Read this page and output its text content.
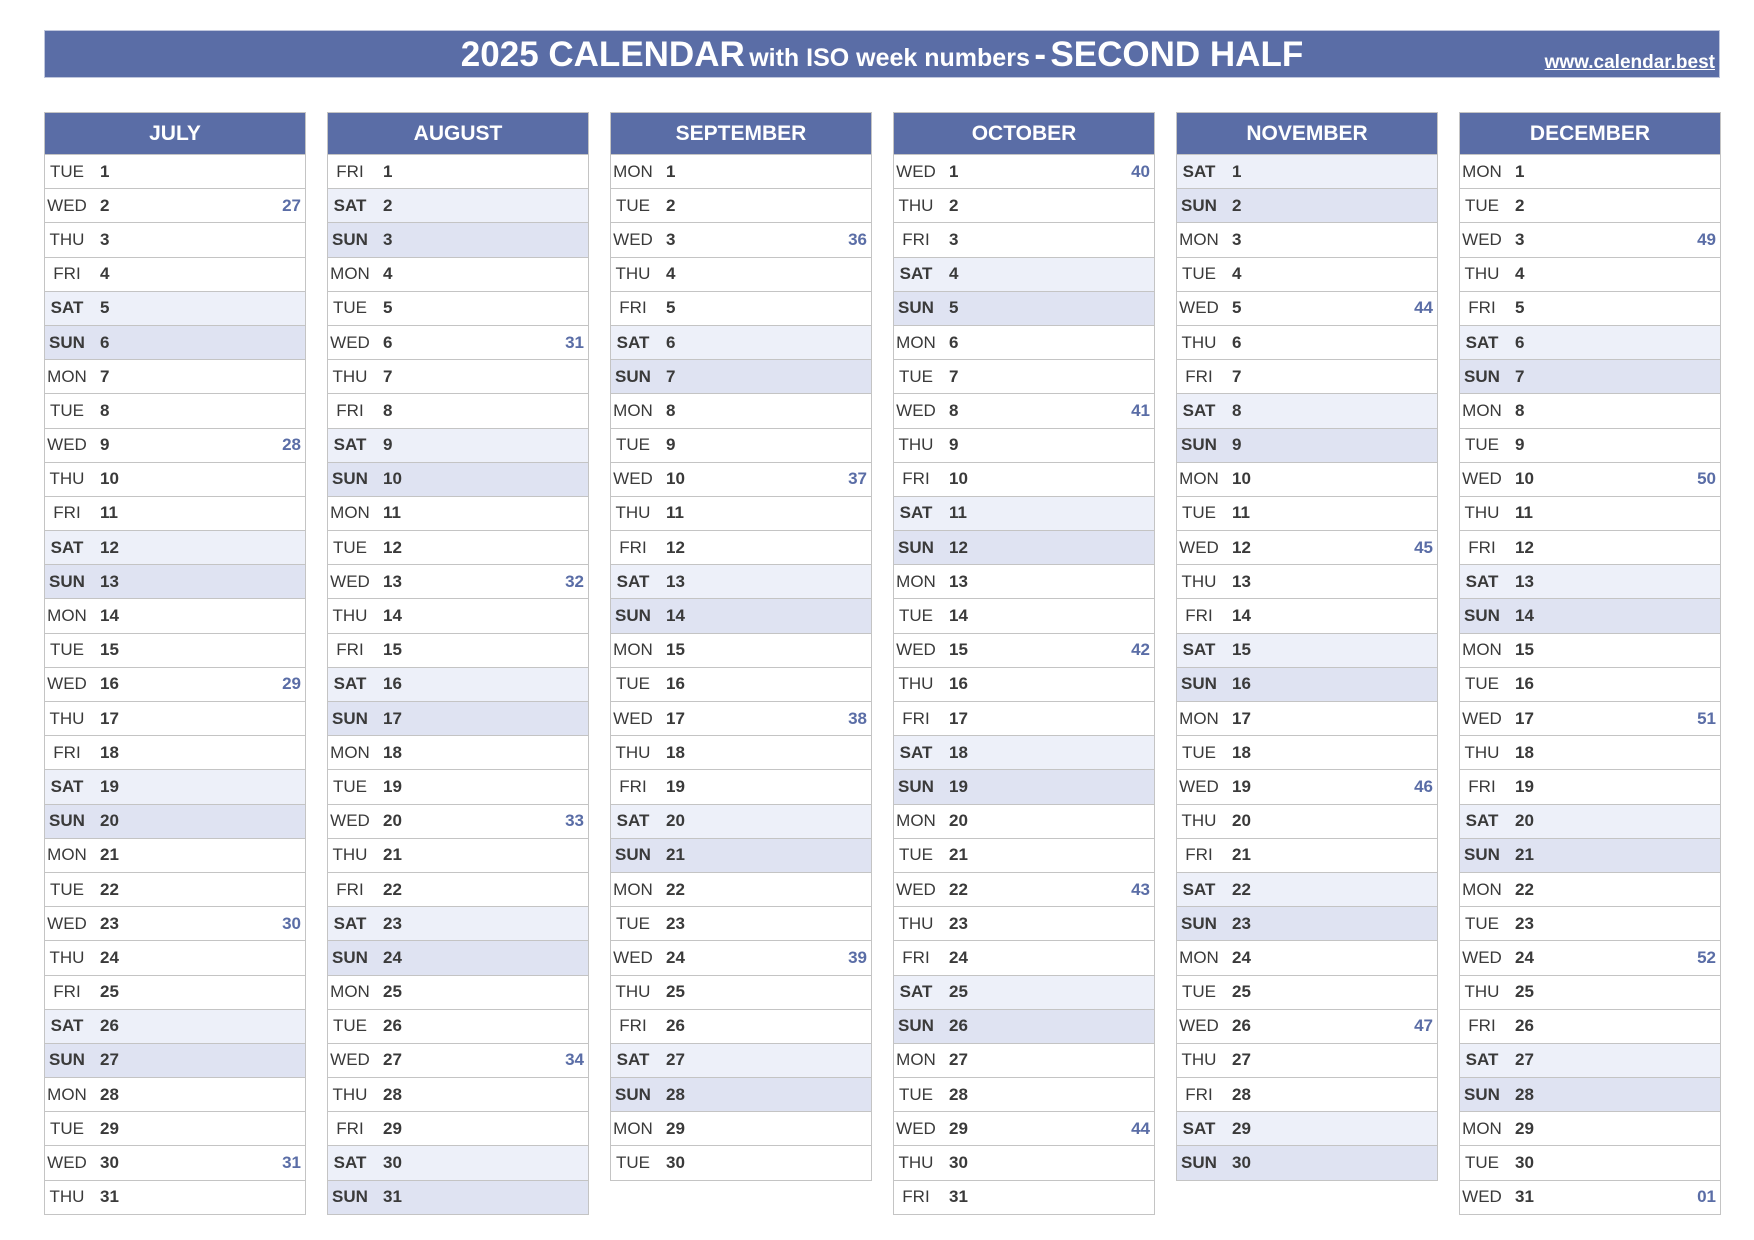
2025 CALENDAR with ISO week numbers - SECOND HALF	www.calendar.best
JULY
TUE 1
WED 2	27
THU 3
FRI	4
SAT 5
SUN 6
MON 7
TUE 8
WED 9	28
THU 10
FRI	11
SAT 12
SUN 13
MON 14
TUE 15
WED 16	29
THU 17
FRI	18
SAT 19
SUN 20
MON 21
TUE 22
WED 23	30
THU 24
FRI	25
SAT 26
SUN 27
MON 28
TUE 29
WED 30	31
THU 31
AUGUST
FRI	1
SAT 2
SUN 3
MON 4
TUE 5
WED 6	31
THU 7
FRI	8
SAT 9
SUN 10
MON 11
TUE 12
WED 13	32
THU 14
FRI	15
SAT 16
SUN 17
MON 18
TUE 19
WED 20	33
THU 21
FRI	22
SAT 23
SUN 24
MON 25
TUE 26
WED 27	34
THU 28
FRI	29
SAT 30
SUN 31
SEPTEMBER
MON 1
TUE 2
WED 3	36
THU 4
FRI	5
SAT 6
SUN 7
MON 8
TUE 9
WED 10	37
THU 11
FRI	12
SAT 13
SUN 14
MON 15
TUE 16
WED 17	38
THU 18
FRI	19
SAT 20
SUN 21
MON 22
TUE 23
WED 24	39
THU 25
FRI	26
SAT 27
SUN 28
MON 29
TUE 30
OCTOBER
WED 1	40
THU 2
FRI	3
SAT 4
SUN 5
MON 6
TUE 7
WED 8	41
THU 9
FRI	10
SAT 11
SUN 12
MON 13
TUE 14
WED 15	42
THU 16
FRI	17
SAT 18
SUN 19
MON 20
TUE 21
WED 22	43
THU 23
FRI	24
SAT 25
SUN 26
MON 27
TUE 28
WED 29	44
THU 30
FRI	31
NOVEMBER
SAT 1
SUN 2
MON 3
TUE 4
WED 5	44
THU 6
FRI	7
SAT 8
SUN 9
MON 10
TUE 11
WED 12	45
THU 13
FRI	14
SAT 15
SUN 16
MON 17
TUE 18
WED 19	46
THU 20
FRI	21
SAT 22
SUN 23
MON 24
TUE 25
WED 26	47
THU 27
FRI	28
SAT 29
SUN 30
DECEMBER
MON 1
TUE 2
WED 3	49
THU 4
FRI	5
SAT 6
SUN 7
MON 8
TUE 9
WED 10	50
THU 11
FRI	12
SAT 13
SUN 14
MON 15
TUE 16
WED 17	51
THU 18
FRI	19
SAT 20
SUN 21
MON 22
TUE 23
WED 24	52
THU 25
FRI	26
SAT 27
SUN 28
MON 29
TUE 30
WED 31	01
